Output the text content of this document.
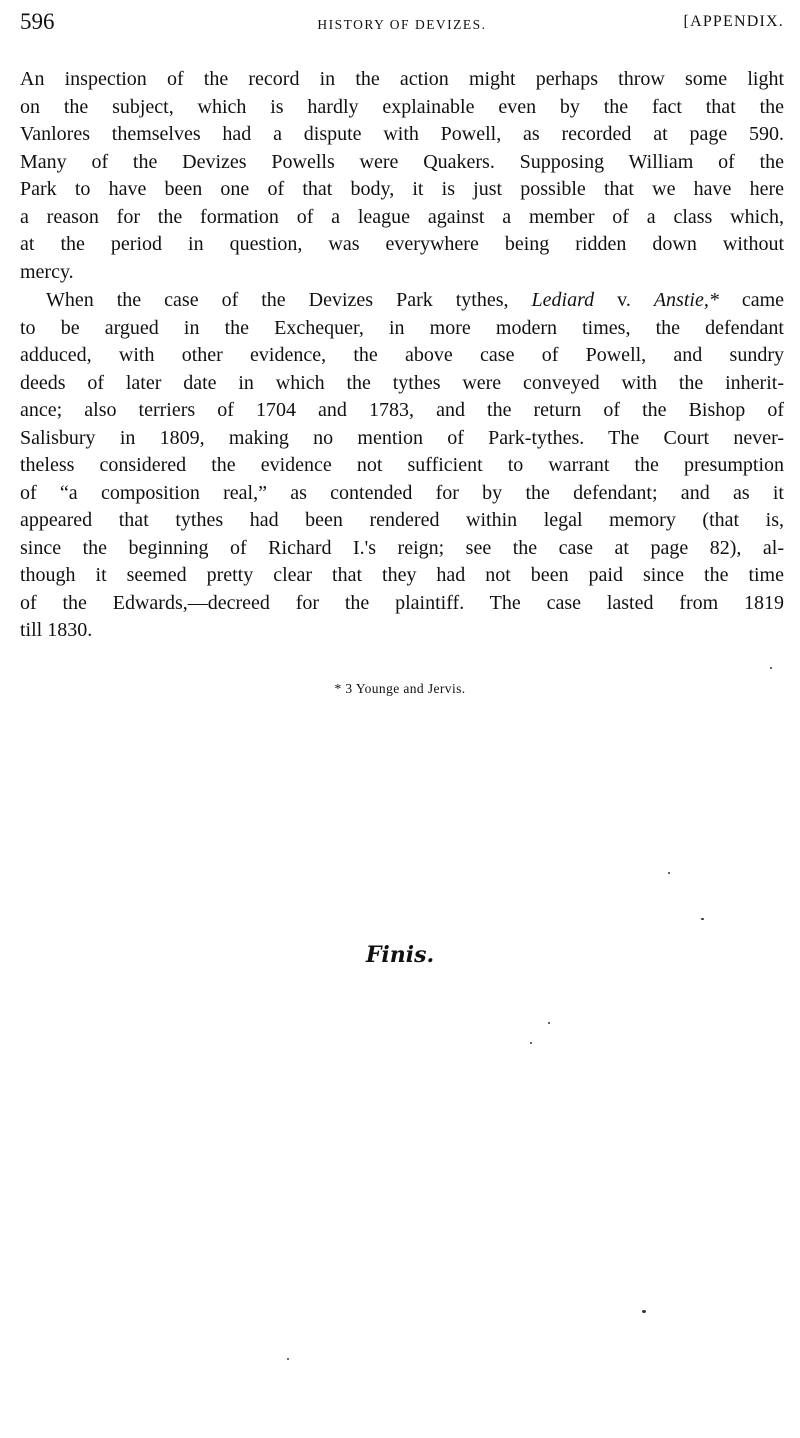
596	HISTORY OF DEVIZES.	[APPENDIX.
An inspection of the record in the action might perhaps throw some light
on the subject, which is hardly explainable even by the fact that the
Vanlores themselves had a dispute with Powell, as recorded at page 590.
Many of the Devizes Powells were Quakers. Supposing William of the
Park to have been one of that body, it is just possible that we have here
a reason for the formation of a league against a member of a class which,
at the period in question, was everywhere being ridden down without
mercy.
When the case of the Devizes Park tythes, Lediard v. Anstie,* came
to be argued in the Exchequer, in more modern times, the defendant
adduced, with other evidence, the above case of Powell, and sundry
deeds of later date in which the tythes were conveyed with the inherit-
ance; also terriers of 1704 and 1783, and the return of the Bishop of
Salisbury in 1809, making no mention of Park-tythes. The Court never-
theless considered the evidence not sufficient to warrant the presumption
of “a composition real,” as contended for by the defendant; and as it
appeared that tythes had been rendered within legal memory (that is,
since the beginning of Richard I.'s reign; see the case at page 82), al-
though it seemed pretty clear that they had not been paid since the time
of the Edwards,—decreed for the plaintiff. The case lasted from 1819
till 1830.
* 3 Younge and Jervis.
Finis.
